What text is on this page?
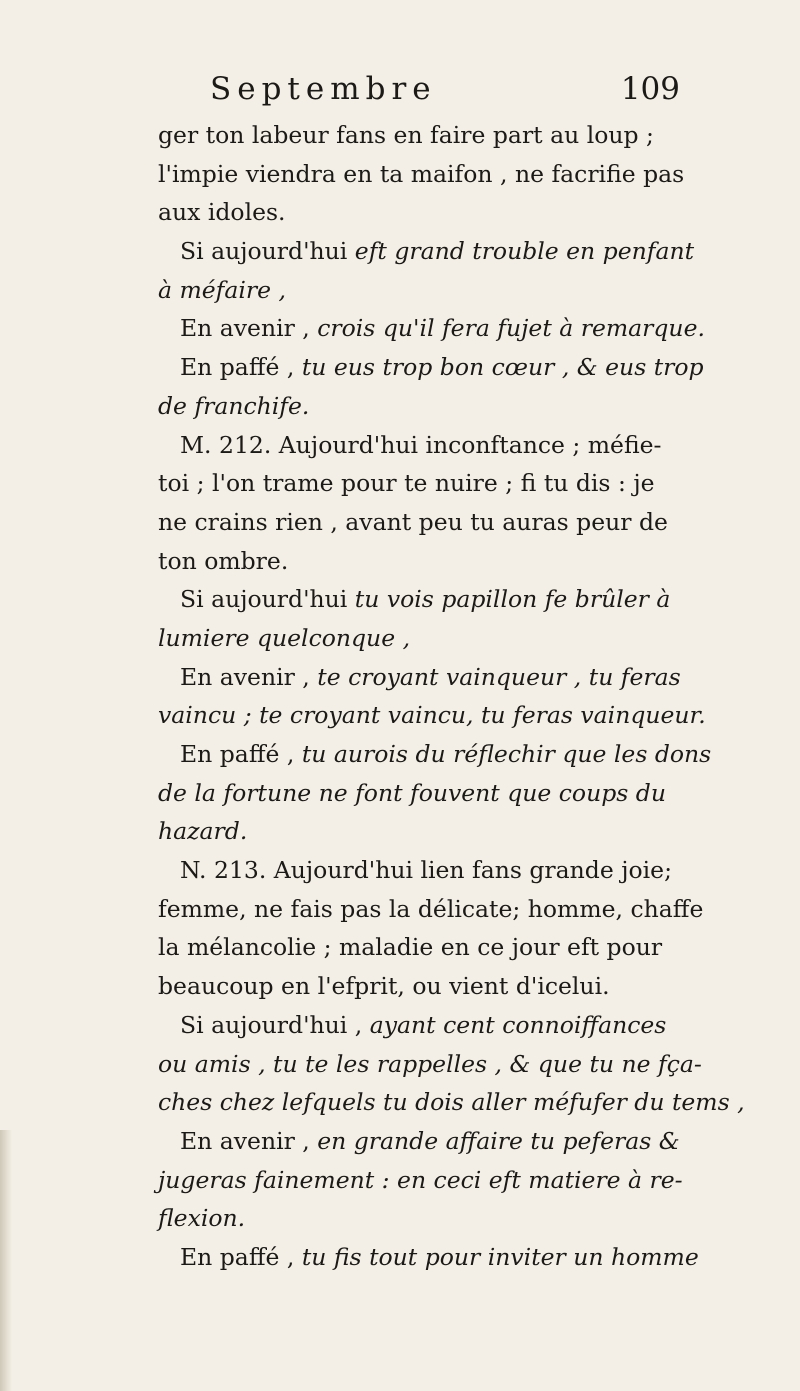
Septembre	109
ger ton labeur fans en faire part au loup ;
l'impie viendra en ta maifon , ne facrifie pas
aux idoles.
Si aujourd'hui eft grand trouble en penfant
à méfaire ,
En avenir , crois qu'il fera fujet à remarque.
En paffé , tu eus trop bon cœur , & eus trop
de franchife.
M. 212. Aujourd'hui inconftance ; méfie-
toi ; l'on trame pour te nuire ; fi tu dis : je
ne crains rien , avant peu tu auras peur de
ton ombre.
Si aujourd'hui tu vois papillon fe brûler à
lumiere quelconque ,
En avenir , te croyant vainqueur , tu feras
vaincu ; te croyant vaincu, tu feras vainqueur.
En paffé , tu aurois du réflechir que les dons
de la fortune ne font fouvent que coups du
hazard.
N. 213. Aujourd'hui lien fans grande joie;
femme, ne fais pas la délicate; homme, chaffe
la mélancolie ; maladie en ce jour eft pour
beaucoup en l'efprit, ou vient d'icelui.
Si aujourd'hui , ayant cent connoiffances
ou amis , tu te les rappelles , & que tu ne fça-
ches chez lefquels tu dois aller méfufer du tems ,
En avenir , en grande affaire tu peferas &
jugeras fainement : en ceci eft matiere à re-
flexion.
En paffé , tu fis tout pour inviter un homme
